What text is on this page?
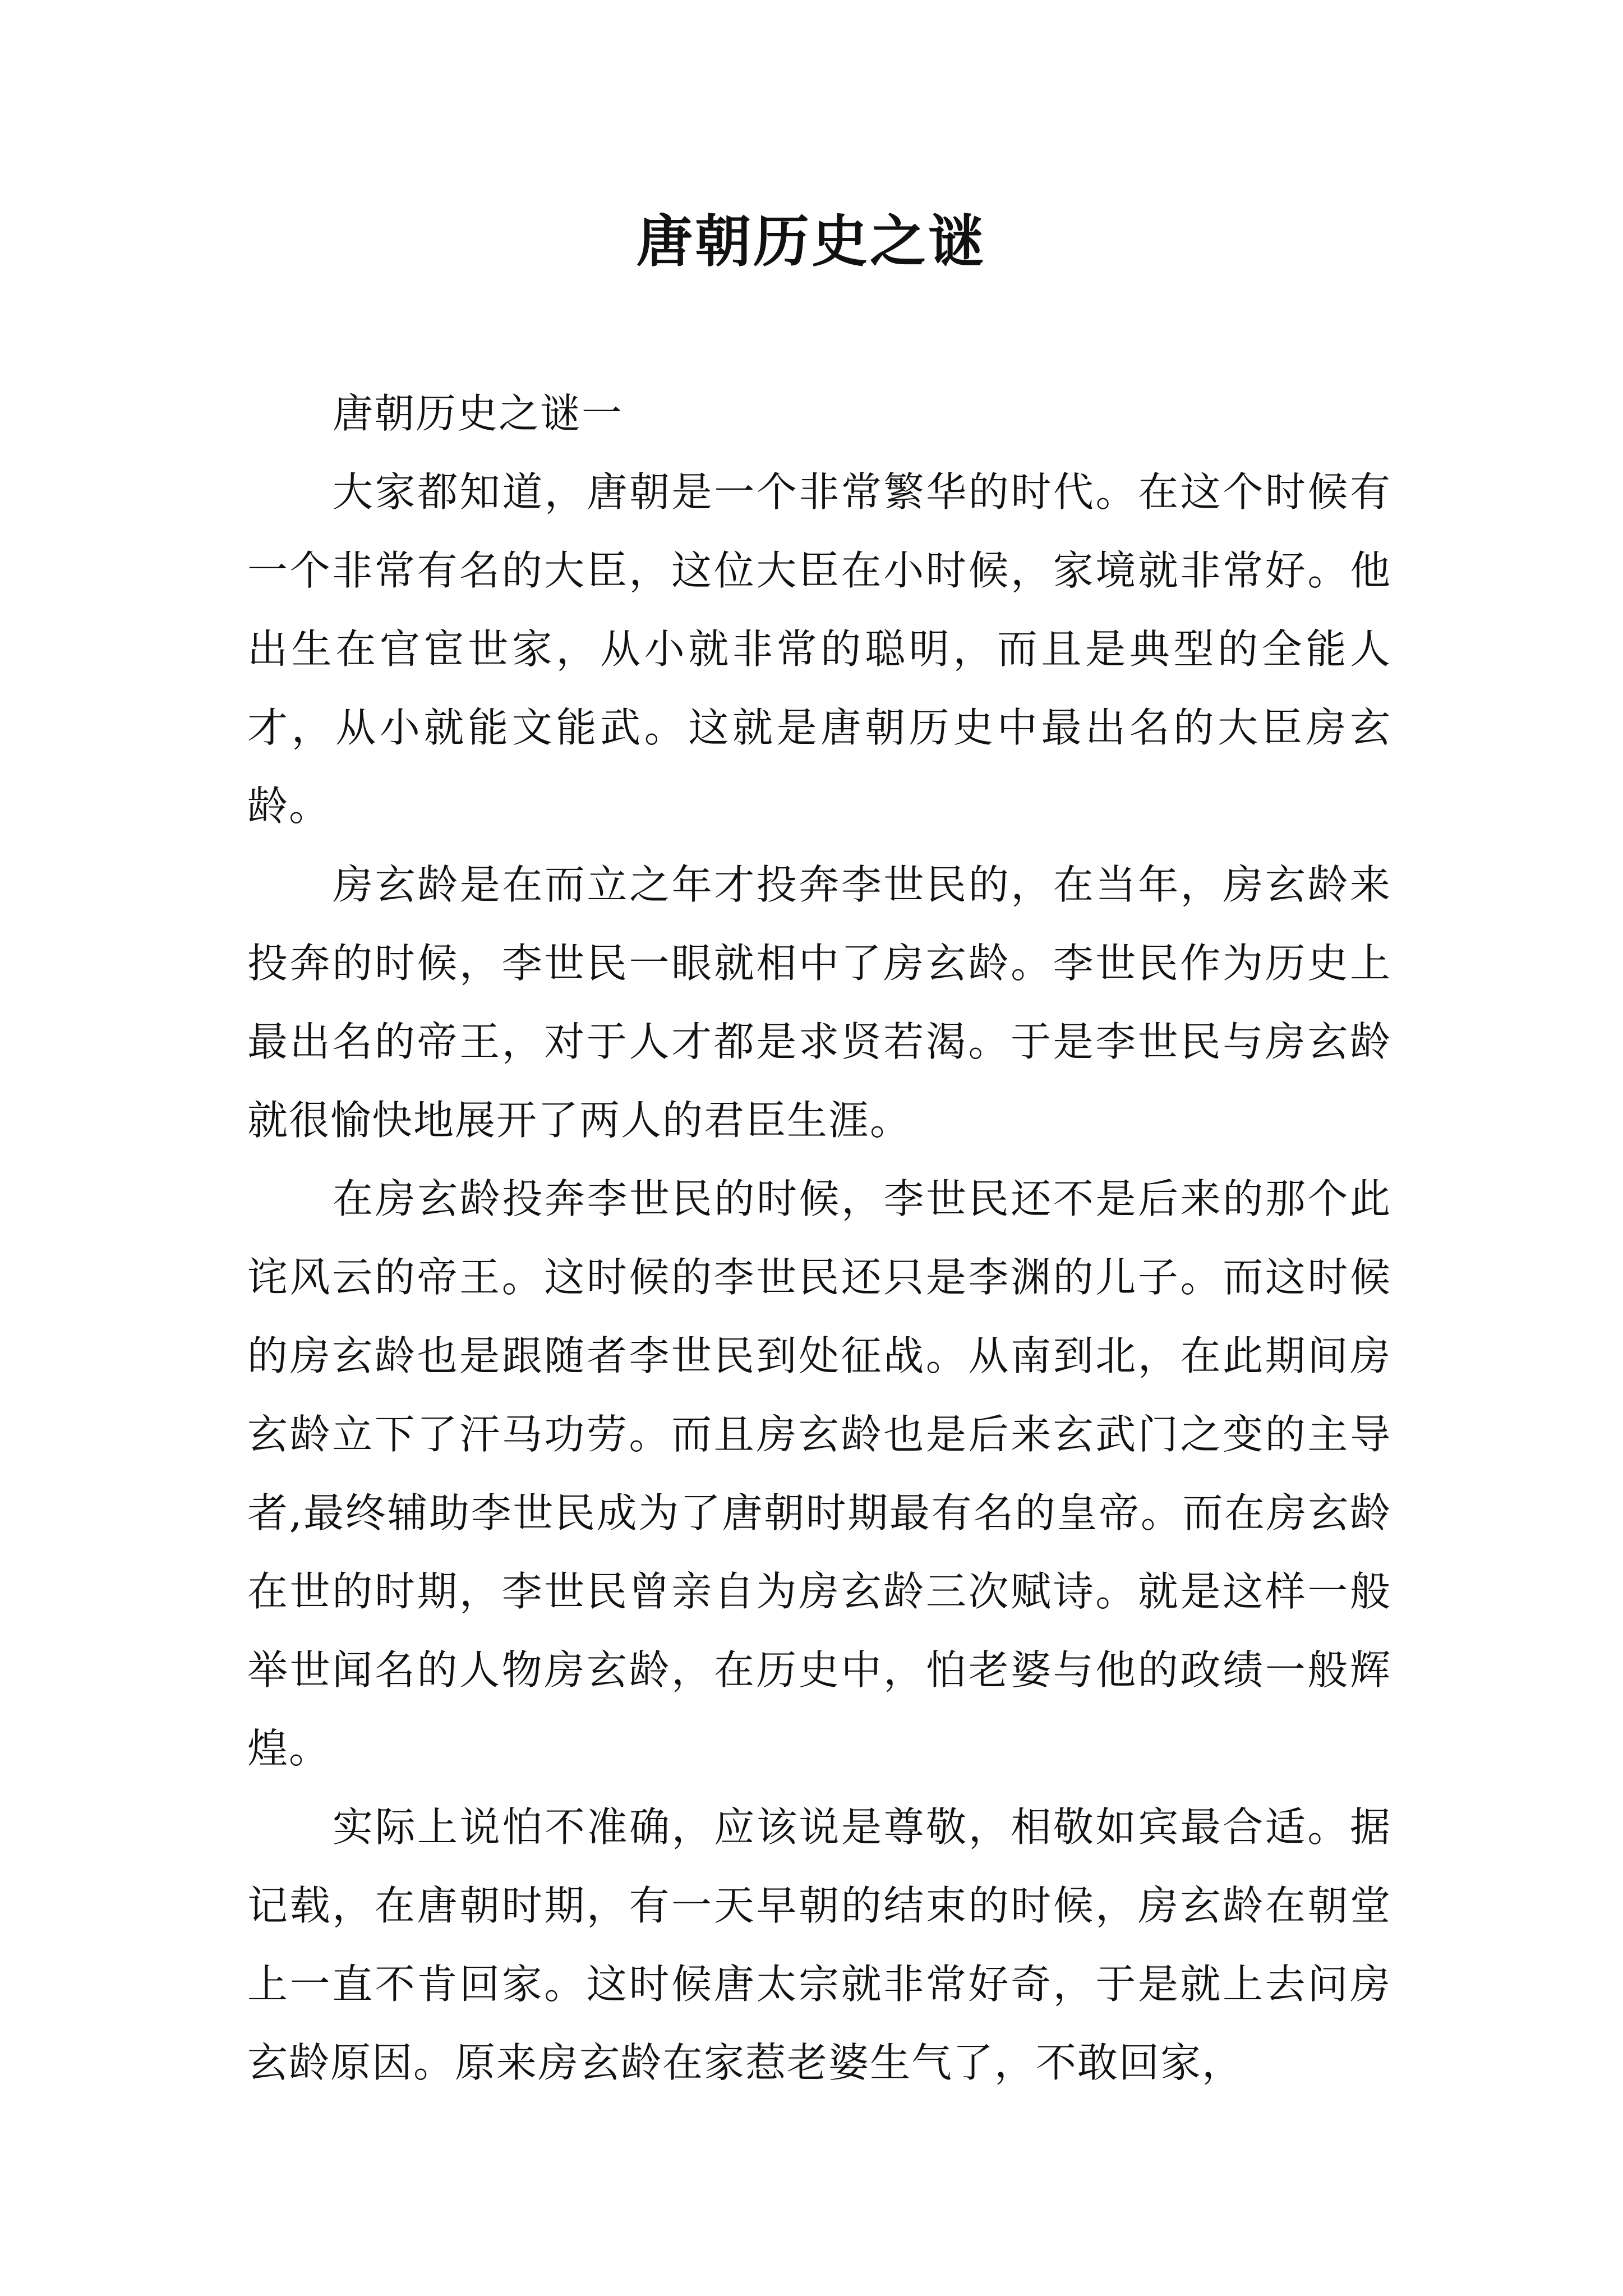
唐朝历史之谜

唐朝历史之谜一

大家都知道，唐朝是一个非常繁华的时代。在这个时候有一个非常有名的大臣，这位大臣在小时候，家境就非常好。他出生在官宦世家，从小就非常的聪明，而且是典型的全能人才，从小就能文能武。这就是唐朝历史中最出名的大臣房玄龄。

房玄龄是在而立之年才投奔李世民的，在当年，房玄龄来投奔的时候，李世民一眼就相中了房玄龄。李世民作为历史上最出名的帝王，对于人才都是求贤若渴。于是李世民与房玄龄就很愉快地展开了两人的君臣生涯。

在房玄龄投奔李世民的时候，李世民还不是后来的那个此诧风云的帝王。这时候的李世民还只是李渊的儿子。而这时候的房玄龄也是跟随者李世民到处征战。从南到北，在此期间房玄龄立下了汗马功劳。而且房玄龄也是后来玄武门之变的主导者,最终辅助李世民成为了唐朝时期最有名的皇帝。而在房玄龄在世的时期，李世民曾亲自为房玄龄三次赋诗。就是这样一般举世闻名的人物房玄龄，在历史中，怕老婆与他的政绩一般辉煌。

实际上说怕不准确，应该说是尊敬，相敬如宾最合适。据记载，在唐朝时期，有一天早朝的结束的时候，房玄龄在朝堂上一直不肯回家。这时候唐太宗就非常好奇，于是就上去问房玄龄原因。原来房玄龄在家惹老婆生气了，不敢回家，
